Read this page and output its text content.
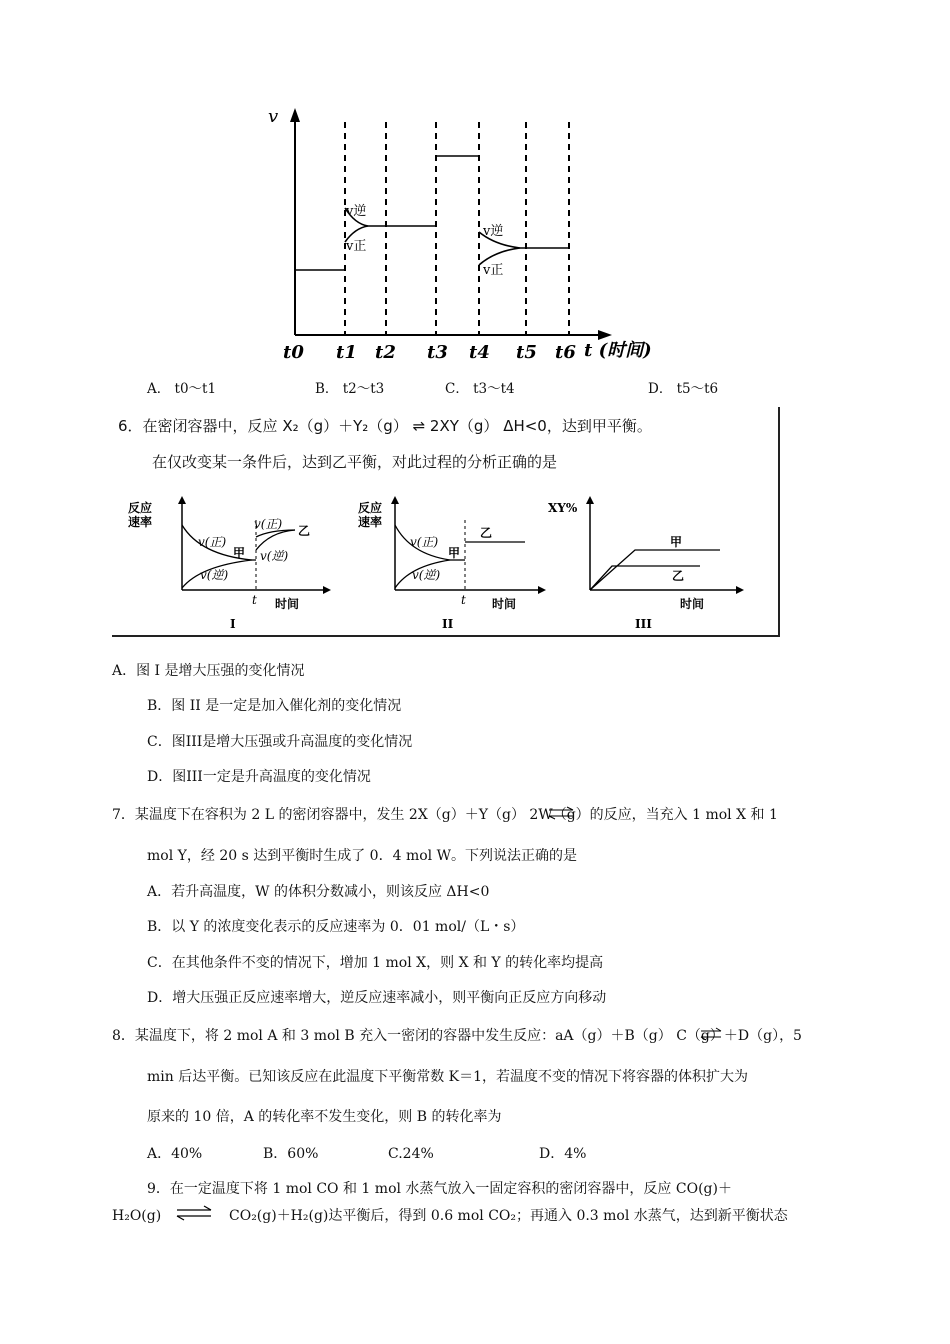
v
v逆
v正
v逆
v正
t0 t1 t2 t3 t4 t5 t6 t (时间)
A． t0～t1	B． t2～t3	C． t3～t4	D． t5～t6
6．在密闭容器中，反应 X₂（g）＋Y₂（g） ⇌ 2XY（g） ΔH<0，达到甲平衡。
在仅改变某一条件后，达到乙平衡，对此过程的分析正确的是
反应
速率
v(正)
v(逆)
甲
v(正) 乙
v(逆)
t 时间
I
反应
速率
v(正)
v(逆)
甲
乙
t 时间
II
XY%
甲
乙
时间
III
A．图 I 是增大压强的变化情况
B．图 II 是一定是加入催化剂的变化情况
C．图III是增大压强或升高温度的变化情况
D．图III一定是升高温度的变化情况
7．某温度下在容积为 2 L 的密闭容器中，发生 2X（g）＋Y（g） 2W（g）的反应，当充入 1 mol X 和 1
mol Y，经 20 s 达到平衡时生成了 0．4 mol W。下列说法正确的是
A．若升高温度，W 的体积分数减小，则该反应 ΔH<0
B．以 Y 的浓度变化表示的反应速率为 0．01 mol/（L・s）
C．在其他条件不变的情况下，增加 1 mol X，则 X 和 Y 的转化率均提高
D．增大压强正反应速率增大，逆反应速率减小，则平衡向正反应方向移动
8．某温度下，将 2 mol A 和 3 mol B 充入一密闭的容器中发生反应：aA（g）＋B（g） C（g）＋D（g），5
min 后达平衡。已知该反应在此温度下平衡常数 K＝1，若温度不变的情况下将容器的体积扩大为
原来的 10 倍，A 的转化率不发生变化，则 B 的转化率为
A．40%	B．60%	C.24%	D．4%
9．在一定温度下将 1 mol CO 和 1 mol 水蒸气放入一固定容积的密闭容器中，反应 CO(g)＋
H₂O(g)	CO₂(g)＋H₂(g)达平衡后，得到 0.6 mol CO₂；再通入 0.3 mol 水蒸气，达到新平衡状态
